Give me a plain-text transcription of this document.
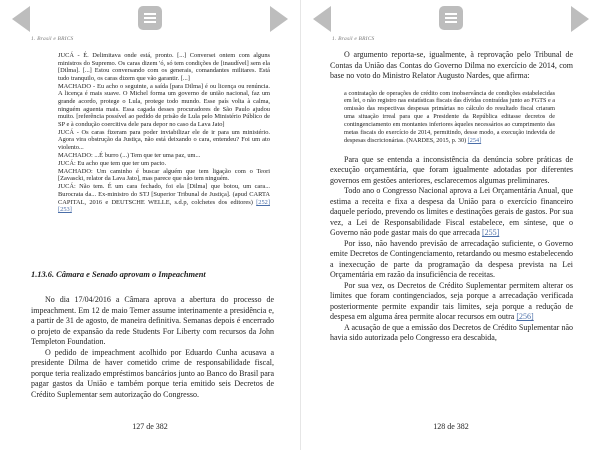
1. Brasil e BRICS

JUCÁ - É. Delimitava onde está, pronto. [...] Conversei ontem com alguns ministros do Supremo. Os caras dizem 'ó, só tem condições de [inaudível] sem ela [Dilma]. [...] Estou conversando com os generais, comandantes militares. Está tudo tranquilo, os caras dizem que vão garantir. [...]

MACHADO - Eu acho o seguinte, a saída [para Dilma] é ou licença ou renúncia. A licença é mais suave. O Michel forma um governo de união nacional, faz um grande acordo, protege o Lula, protege todo mundo. Esse país volta à calma, ninguém aguenta mais. Essa cagada desses procuradores de São Paulo ajudou muito. [referência possível ao pedido de prisão de Lula pelo Ministério Público de SP e à condução coercitiva dele para depor no caso da Lava Jato]

JUCÁ - Os caras fizeram para poder inviabilizar ele de ir para um ministério. Agora vira obstrução da Justiça, não está deixando o cara, entendeu? Foi um ato violento...

MACHADO: ...É burro (...) Tem que ter uma paz, um...

JUCÁ: Eu acho que tem que ter um pacto.

MACHADO: Um caminho é buscar alguém que tem ligação com o Teori [Zavascki, relator da Lava Jato], mas parece que não tem ninguém.

JUCÁ: Não tem. É um cara fechado, foi ela [Dilma] que botou, um cara... Burocrata da... Ex-ministro do STJ [Superior Tribunal de Justiça]. (apud CARTA CAPITAL, 2016 e DEUTSCHE WELLE, s.d.p, colchetes dos editores) [252] [253]

1.13.6. Câmara e Senado aprovam o Impeachment

No dia 17/04/2016 a Câmara aprova a abertura do processo de impeachment. Em 12 de maio Temer assume interinamente a presidência e, a partir de 31 de agosto, de maneira definitiva. Semanas depois é encerrado o projeto de expansão da rede Students For Liberty com recursos da John Templeton Foundation.

O pedido de impeachment acolhido por Eduardo Cunha acusava a presidente Dilma de haver cometido crime de responsabilidade fiscal, porque teria realizado empréstimos bancários junto ao Banco do Brasil para pagar gastos da União e também porque teria emitido seis Decretos de Crédito Suplementar sem autorização do Congresso.

127 de 382
1. Brasil e BRICS

O argumento reporta-se, igualmente, à reprovação pelo Tribunal de Contas da União das Contas do Governo Dilma no exercício de 2014, com base no voto do Ministro Relator Augusto Nardes, que afirma:

a contratação de operações de crédito com inobservância de condições estabelecidas em lei, o não registro nas estatísticas fiscais das dívidas contraídas junto ao FGTS e a omissão das respectivas despesas primárias no cálculo do resultado fiscal criaram uma situação irreal para que a Presidente da República editasse decretos de contingenciamento em montantes inferiores àqueles necessários ao cumprimento das metas fiscais do exercício de 2014, permitindo, desse modo, a execução indevida de despesas discricionárias. (NARDES, 2015, p. 30) [254]

Para que se entenda a inconsistência da denúncia sobre práticas de execução orçamentária, que foram igualmente adotadas por diferentes governos em gestões anteriores, esclarecemos algumas preliminares.

Todo ano o Congresso Nacional aprova a Lei Orçamentária Anual, que estima a receita e fixa a despesa da União para o exercício financeiro daquele período, prevendo os limites e destinações gerais de gastos. Por sua vez, a Lei de Responsabilidade Fiscal estabelece, em síntese, que o Governo não pode gastar mais do que arrecada [255]

Por isso, não havendo previsão de arrecadação suficiente, o Governo emite Decretos de Contingenciamento, retardando ou mesmo estabelecendo a inexecução de parte da programação da despesa prevista na Lei Orçamentária em razão da insuficiência de receitas.

Por sua vez, os Decretos de Crédito Suplementar permitem alterar os limites que foram contingenciados, seja porque a arrecadação verificada posteriormente permite expandir tais limites, seja porque a redução de despesa em alguma área permite alocar recursos em outra [256]

A acusação de que a emissão dos Decretos de Crédito Suplementar não havia sido autorizada pelo Congresso era descabida,

128 de 382
